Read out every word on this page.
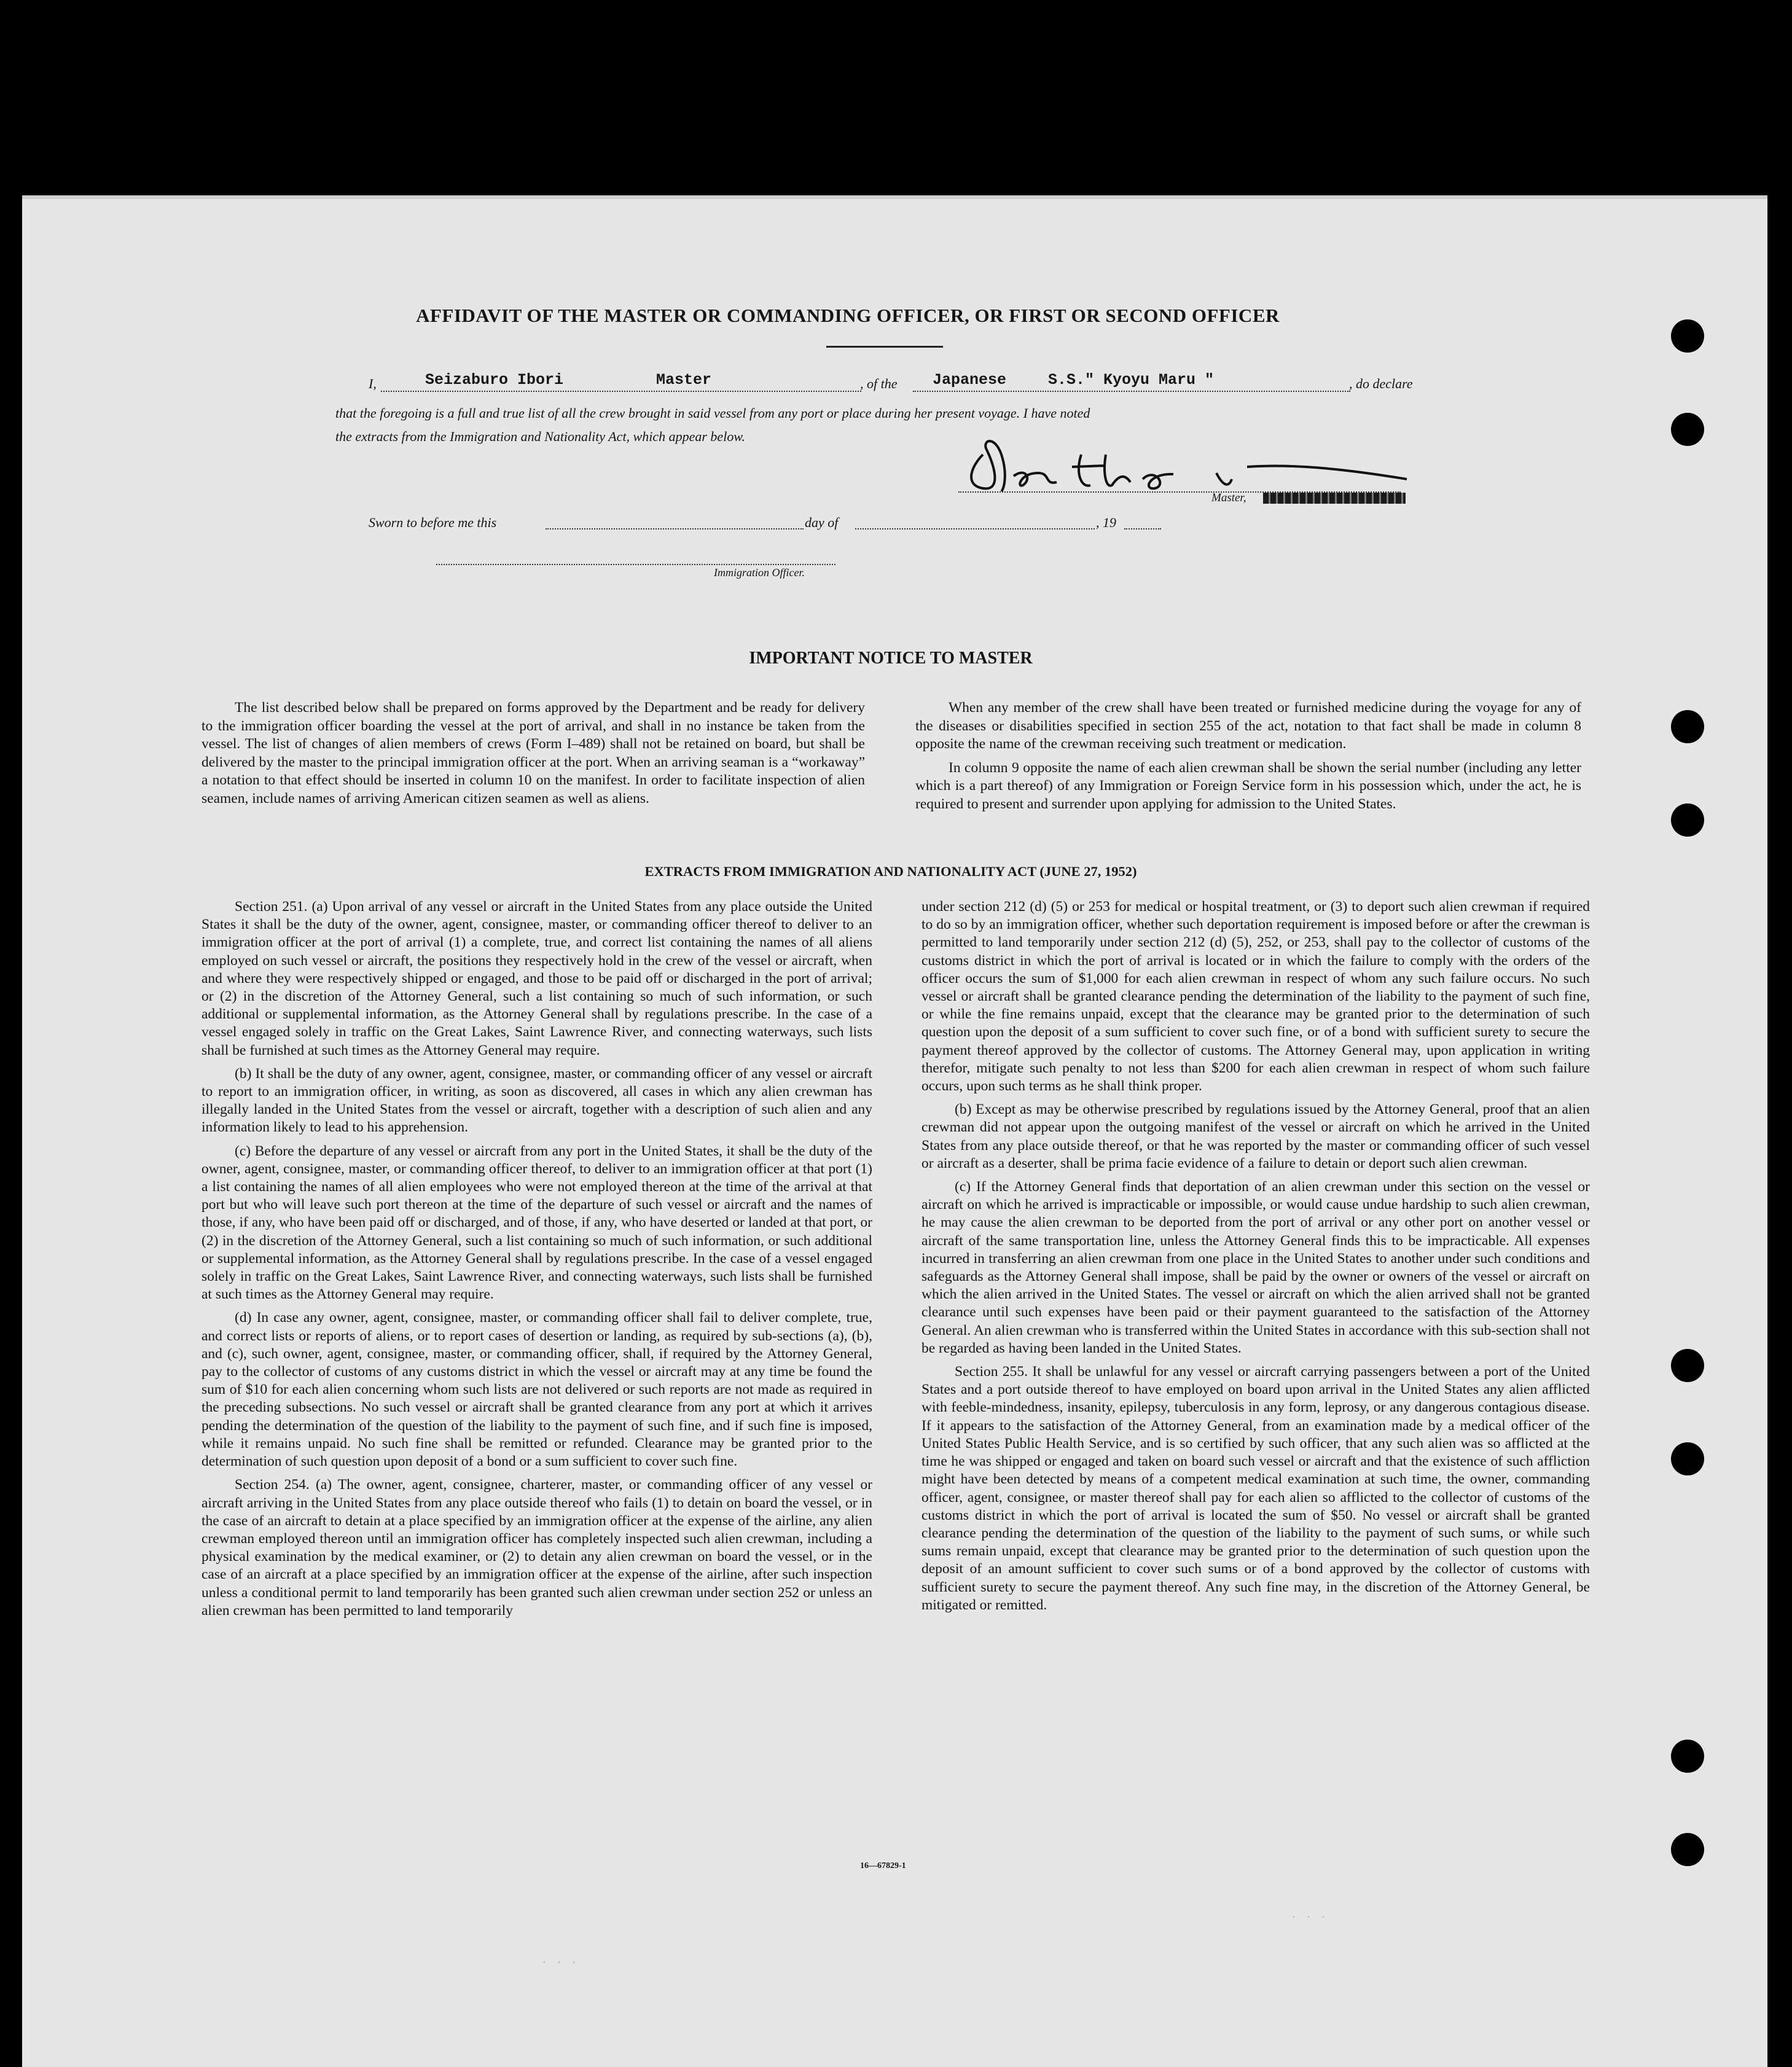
AFFIDAVIT OF THE MASTER OR COMMANDING OFFICER, OR FIRST OR SECOND OFFICER
I,	Seizaburo Ibori	Master	, of the	Japanese	S.S." Kyoyu Maru "	, do declare
that the foregoing is a full and true list of all the crew brought in said vessel from any port or place during her present voyage. I have noted
the extracts from the Immigration and Nationality Act, which appear below.
Master,
Sworn to before me this	day of	, 19
Immigration Officer.
IMPORTANT NOTICE TO MASTER

The list described below shall be prepared on forms approved by the Department and be ready for delivery to the immigration officer boarding the vessel at the port of arrival, and shall in no instance be taken from the vessel. The list of changes of alien members of crews (Form I–489) shall not be retained on board, but shall be delivered by the master to the principal immigration officer at the port. When an arriving seaman is a “workaway” a notation to that effect should be inserted in column 10 on the manifest. In order to facilitate inspection of alien seamen, include names of arriving American citizen seamen as well as aliens.

When any member of the crew shall have been treated or furnished medicine during the voyage for any of the diseases or disabilities specified in section 255 of the act, notation to that fact shall be made in column 8 opposite the name of the crewman receiving such treatment or medication.

In column 9 opposite the name of each alien crewman shall be shown the serial number (including any letter which is a part thereof) of any Immigration or Foreign Service form in his possession which, under the act, he is required to present and surrender upon applying for admission to the United States.

EXTRACTS FROM IMMIGRATION AND NATIONALITY ACT (JUNE 27, 1952)

Section 251. (a) Upon arrival of any vessel or aircraft in the United States from any place outside the United States it shall be the duty of the owner, agent, consignee, master, or commanding officer thereof to deliver to an immigration officer at the port of arrival (1) a complete, true, and correct list containing the names of all aliens employed on such vessel or aircraft, the positions they respectively hold in the crew of the vessel or aircraft, when and where they were respectively shipped or engaged, and those to be paid off or discharged in the port of arrival; or (2) in the discretion of the Attorney General, such a list containing so much of such information, or such additional or supplemental information, as the Attorney General shall by regulations prescribe. In the case of a vessel engaged solely in traffic on the Great Lakes, Saint Lawrence River, and connecting waterways, such lists shall be furnished at such times as the Attorney General may require.

(b) It shall be the duty of any owner, agent, consignee, master, or commanding officer of any vessel or aircraft to report to an immigration officer, in writing, as soon as discovered, all cases in which any alien crewman has illegally landed in the United States from the vessel or aircraft, together with a description of such alien and any information likely to lead to his apprehension.

(c) Before the departure of any vessel or aircraft from any port in the United States, it shall be the duty of the owner, agent, consignee, master, or commanding officer thereof, to deliver to an immigration officer at that port (1) a list containing the names of all alien employees who were not employed thereon at the time of the arrival at that port but who will leave such port thereon at the time of the departure of such vessel or aircraft and the names of those, if any, who have been paid off or discharged, and of those, if any, who have deserted or landed at that port, or (2) in the discretion of the Attorney General, such a list containing so much of such information, or such additional or supplemental information, as the Attorney General shall by regulations prescribe. In the case of a vessel engaged solely in traffic on the Great Lakes, Saint Lawrence River, and connecting waterways, such lists shall be furnished at such times as the Attorney General may require.

(d) In case any owner, agent, consignee, master, or commanding officer shall fail to deliver complete, true, and correct lists or reports of aliens, or to report cases of desertion or landing, as required by sub-sections (a), (b), and (c), such owner, agent, consignee, master, or commanding officer, shall, if required by the Attorney General, pay to the collector of customs of any customs district in which the vessel or aircraft may at any time be found the sum of $10 for each alien concerning whom such lists are not delivered or such reports are not made as required in the preceding subsections. No such vessel or aircraft shall be granted clearance from any port at which it arrives pending the determination of the question of the liability to the payment of such fine, and if such fine is imposed, while it remains unpaid. No such fine shall be remitted or refunded. Clearance may be granted prior to the determination of such question upon deposit of a bond or a sum sufficient to cover such fine.

Section 254. (a) The owner, agent, consignee, charterer, master, or commanding officer of any vessel or aircraft arriving in the United States from any place outside thereof who fails (1) to detain on board the vessel, or in the case of an aircraft to detain at a place specified by an immigration officer at the expense of the airline, any alien crewman employed thereon until an immigration officer has completely inspected such alien crewman, including a physical examination by the medical examiner, or (2) to detain any alien crewman on board the vessel, or in the case of an aircraft at a place specified by an immigration officer at the expense of the airline, after such inspection unless a conditional permit to land temporarily has been granted such alien crewman under section 252 or unless an alien crewman has been permitted to land temporarily

under section 212 (d) (5) or 253 for medical or hospital treatment, or (3) to deport such alien crewman if required to do so by an immigration officer, whether such deportation requirement is imposed before or after the crewman is permitted to land temporarily under section 212 (d) (5), 252, or 253, shall pay to the collector of customs of the customs district in which the port of arrival is located or in which the failure to comply with the orders of the officer occurs the sum of $1,000 for each alien crewman in respect of whom any such failure occurs. No such vessel or aircraft shall be granted clearance pending the determination of the liability to the payment of such fine, or while the fine remains unpaid, except that the clearance may be granted prior to the determination of such question upon the deposit of a sum sufficient to cover such fine, or of a bond with sufficient surety to secure the payment thereof approved by the collector of customs. The Attorney General may, upon application in writing therefor, mitigate such penalty to not less than $200 for each alien crewman in respect of whom such failure occurs, upon such terms as he shall think proper.

(b) Except as may be otherwise prescribed by regulations issued by the Attorney General, proof that an alien crewman did not appear upon the outgoing manifest of the vessel or aircraft on which he arrived in the United States from any place outside thereof, or that he was reported by the master or commanding officer of such vessel or aircraft as a deserter, shall be prima facie evidence of a failure to detain or deport such alien crewman.

(c) If the Attorney General finds that deportation of an alien crewman under this section on the vessel or aircraft on which he arrived is impracticable or impossible, or would cause undue hardship to such alien crewman, he may cause the alien crewman to be deported from the port of arrival or any other port on another vessel or aircraft of the same transportation line, unless the Attorney General finds this to be impracticable. All expenses incurred in transferring an alien crewman from one place in the United States to another under such conditions and safeguards as the Attorney General shall impose, shall be paid by the owner or owners of the vessel or aircraft on which the alien arrived in the United States. The vessel or aircraft on which the alien arrived shall not be granted clearance until such expenses have been paid or their payment guaranteed to the satisfaction of the Attorney General. An alien crewman who is transferred within the United States in accordance with this sub-section shall not be regarded as having been landed in the United States.

Section 255. It shall be unlawful for any vessel or aircraft carrying passengers between a port of the United States and a port outside thereof to have employed on board upon arrival in the United States any alien afflicted with feeble-mindedness, insanity, epilepsy, tuberculosis in any form, leprosy, or any dangerous contagious disease. If it appears to the satisfaction of the Attorney General, from an examination made by a medical officer of the United States Public Health Service, and is so certified by such officer, that any such alien was so afflicted at the time he was shipped or engaged and taken on board such vessel or aircraft and that the existence of such affliction might have been detected by means of a competent medical examination at such time, the owner, commanding officer, agent, consignee, or master thereof shall pay for each alien so afflicted to the collector of customs of the customs district in which the port of arrival is located the sum of $50. No vessel or aircraft shall be granted clearance pending the determination of the question of the liability to the payment of such sums, or while such sums remain unpaid, except that clearance may be granted prior to the determination of such question upon the deposit of an amount sufficient to cover such sums or of a bond approved by the collector of customs with sufficient surety to secure the payment thereof. Any such fine may, in the discretion of the Attorney General, be mitigated or remitted.

16—67829-1
· · ·
. . .
